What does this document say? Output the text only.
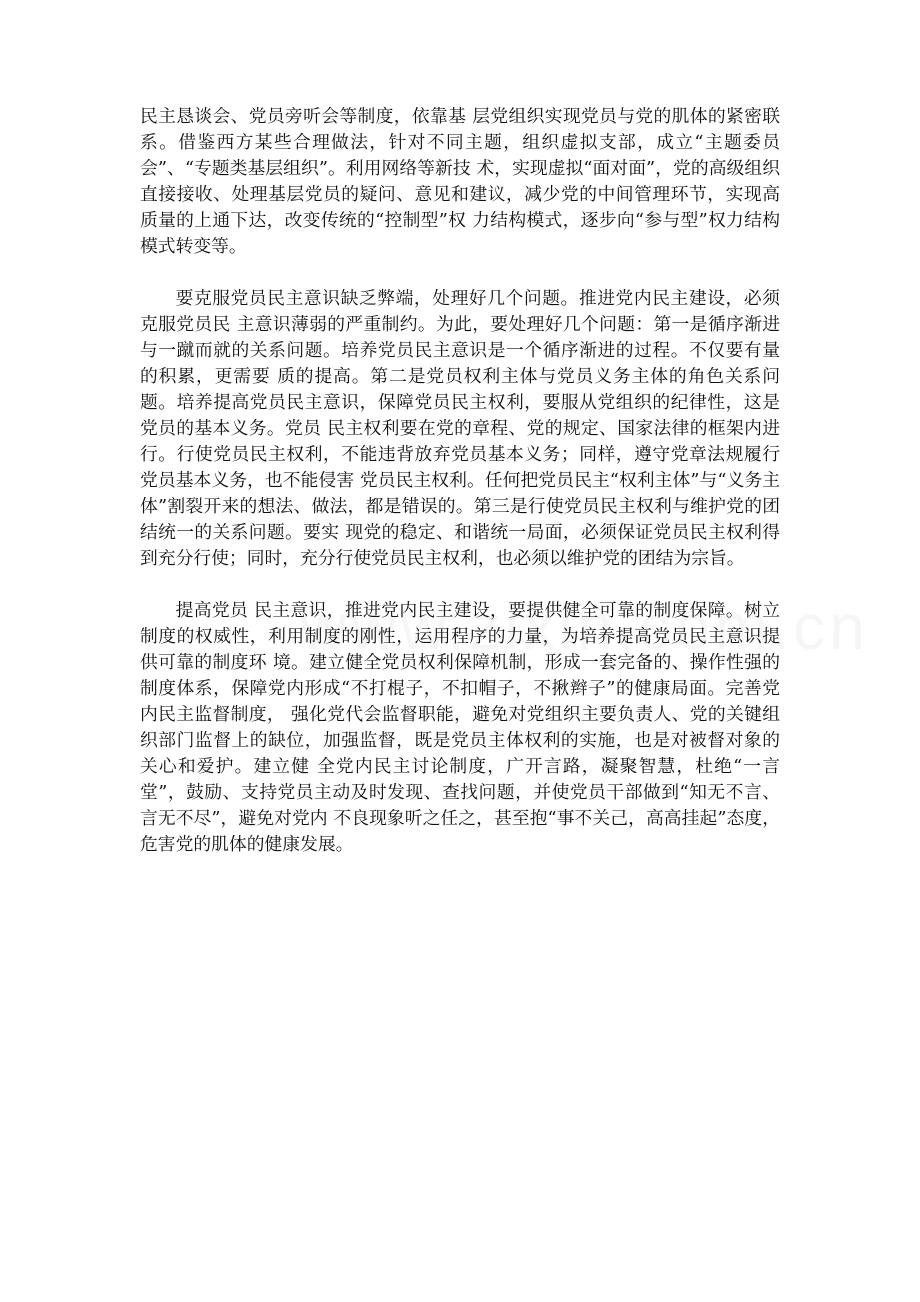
民主恳谈会、党员旁听会等制度，依靠基 层党组织实现党员与党的肌体的紧密联系。借鉴西方某些合理做法，针对不同主题，组织虚拟支部，成立“主题委员会”、“专题类基层组织”。利用网络等新技 术，实现虚拟“面对面”，党的高级组织直接接收、处理基层党员的疑问、意见和建议，减少党的中间管理环节，实现高质量的上通下达，改变传统的“控制型”权 力结构模式，逐步向“参与型”权力结构模式转变等。

要克服党员民主意识缺乏弊端，处理好几个问题。推进党内民主建设，必须克服党员民 主意识薄弱的严重制约。为此，要处理好几个问题：第一是循序渐进与一蹴而就的关系问题。培养党员民主意识是一个循序渐进的过程。不仅要有量的积累，更需要 质的提高。第二是党员权利主体与党员义务主体的角色关系问题。培养提高党员民主意识，保障党员民主权利，要服从党组织的纪律性，这是党员的基本义务。党员 民主权利要在党的章程、党的规定、国家法律的框架内进行。行使党员民主权利，不能违背放弃党员基本义务；同样，遵守党章法规履行党员基本义务，也不能侵害 党员民主权利。任何把党员民主“权利主体”与“义务主体”割裂开来的想法、做法，都是错误的。第三是行使党员民主权利与维护党的团结统一的关系问题。要实 现党的稳定、和谐统一局面，必须保证党员民主权利得到充分行使；同时，充分行使党员民主权利，也必须以维护党的团结为宗旨。

提高党员 民主意识，推进党内民主建设，要提供健全可靠的制度保障。树立制度的权威性，利用制度的刚性，运用程序的力量，为培养提高党员民主意识提供可靠的制度环 境。建立健全党员权利保障机制，形成一套完备的、操作性强的制度体系，保障党内形成“不打棍子，不扣帽子，不揪辫子”的健康局面。完善党内民主监督制度， 强化党代会监督职能，避免对党组织主要负责人、党的关键组织部门监督上的缺位，加强监督，既是党员主体权利的实施，也是对被督对象的关心和爱护。建立健 全党内民主讨论制度，广开言路，凝聚智慧，杜绝“一言堂”，鼓励、支持党员主动及时发现、查找问题，并使党员干部做到“知无不言、言无不尽”，避免对党内 不良现象听之任之，甚至抱“事不关己，高高挂起”态度，危害党的肌体的健康发展。
